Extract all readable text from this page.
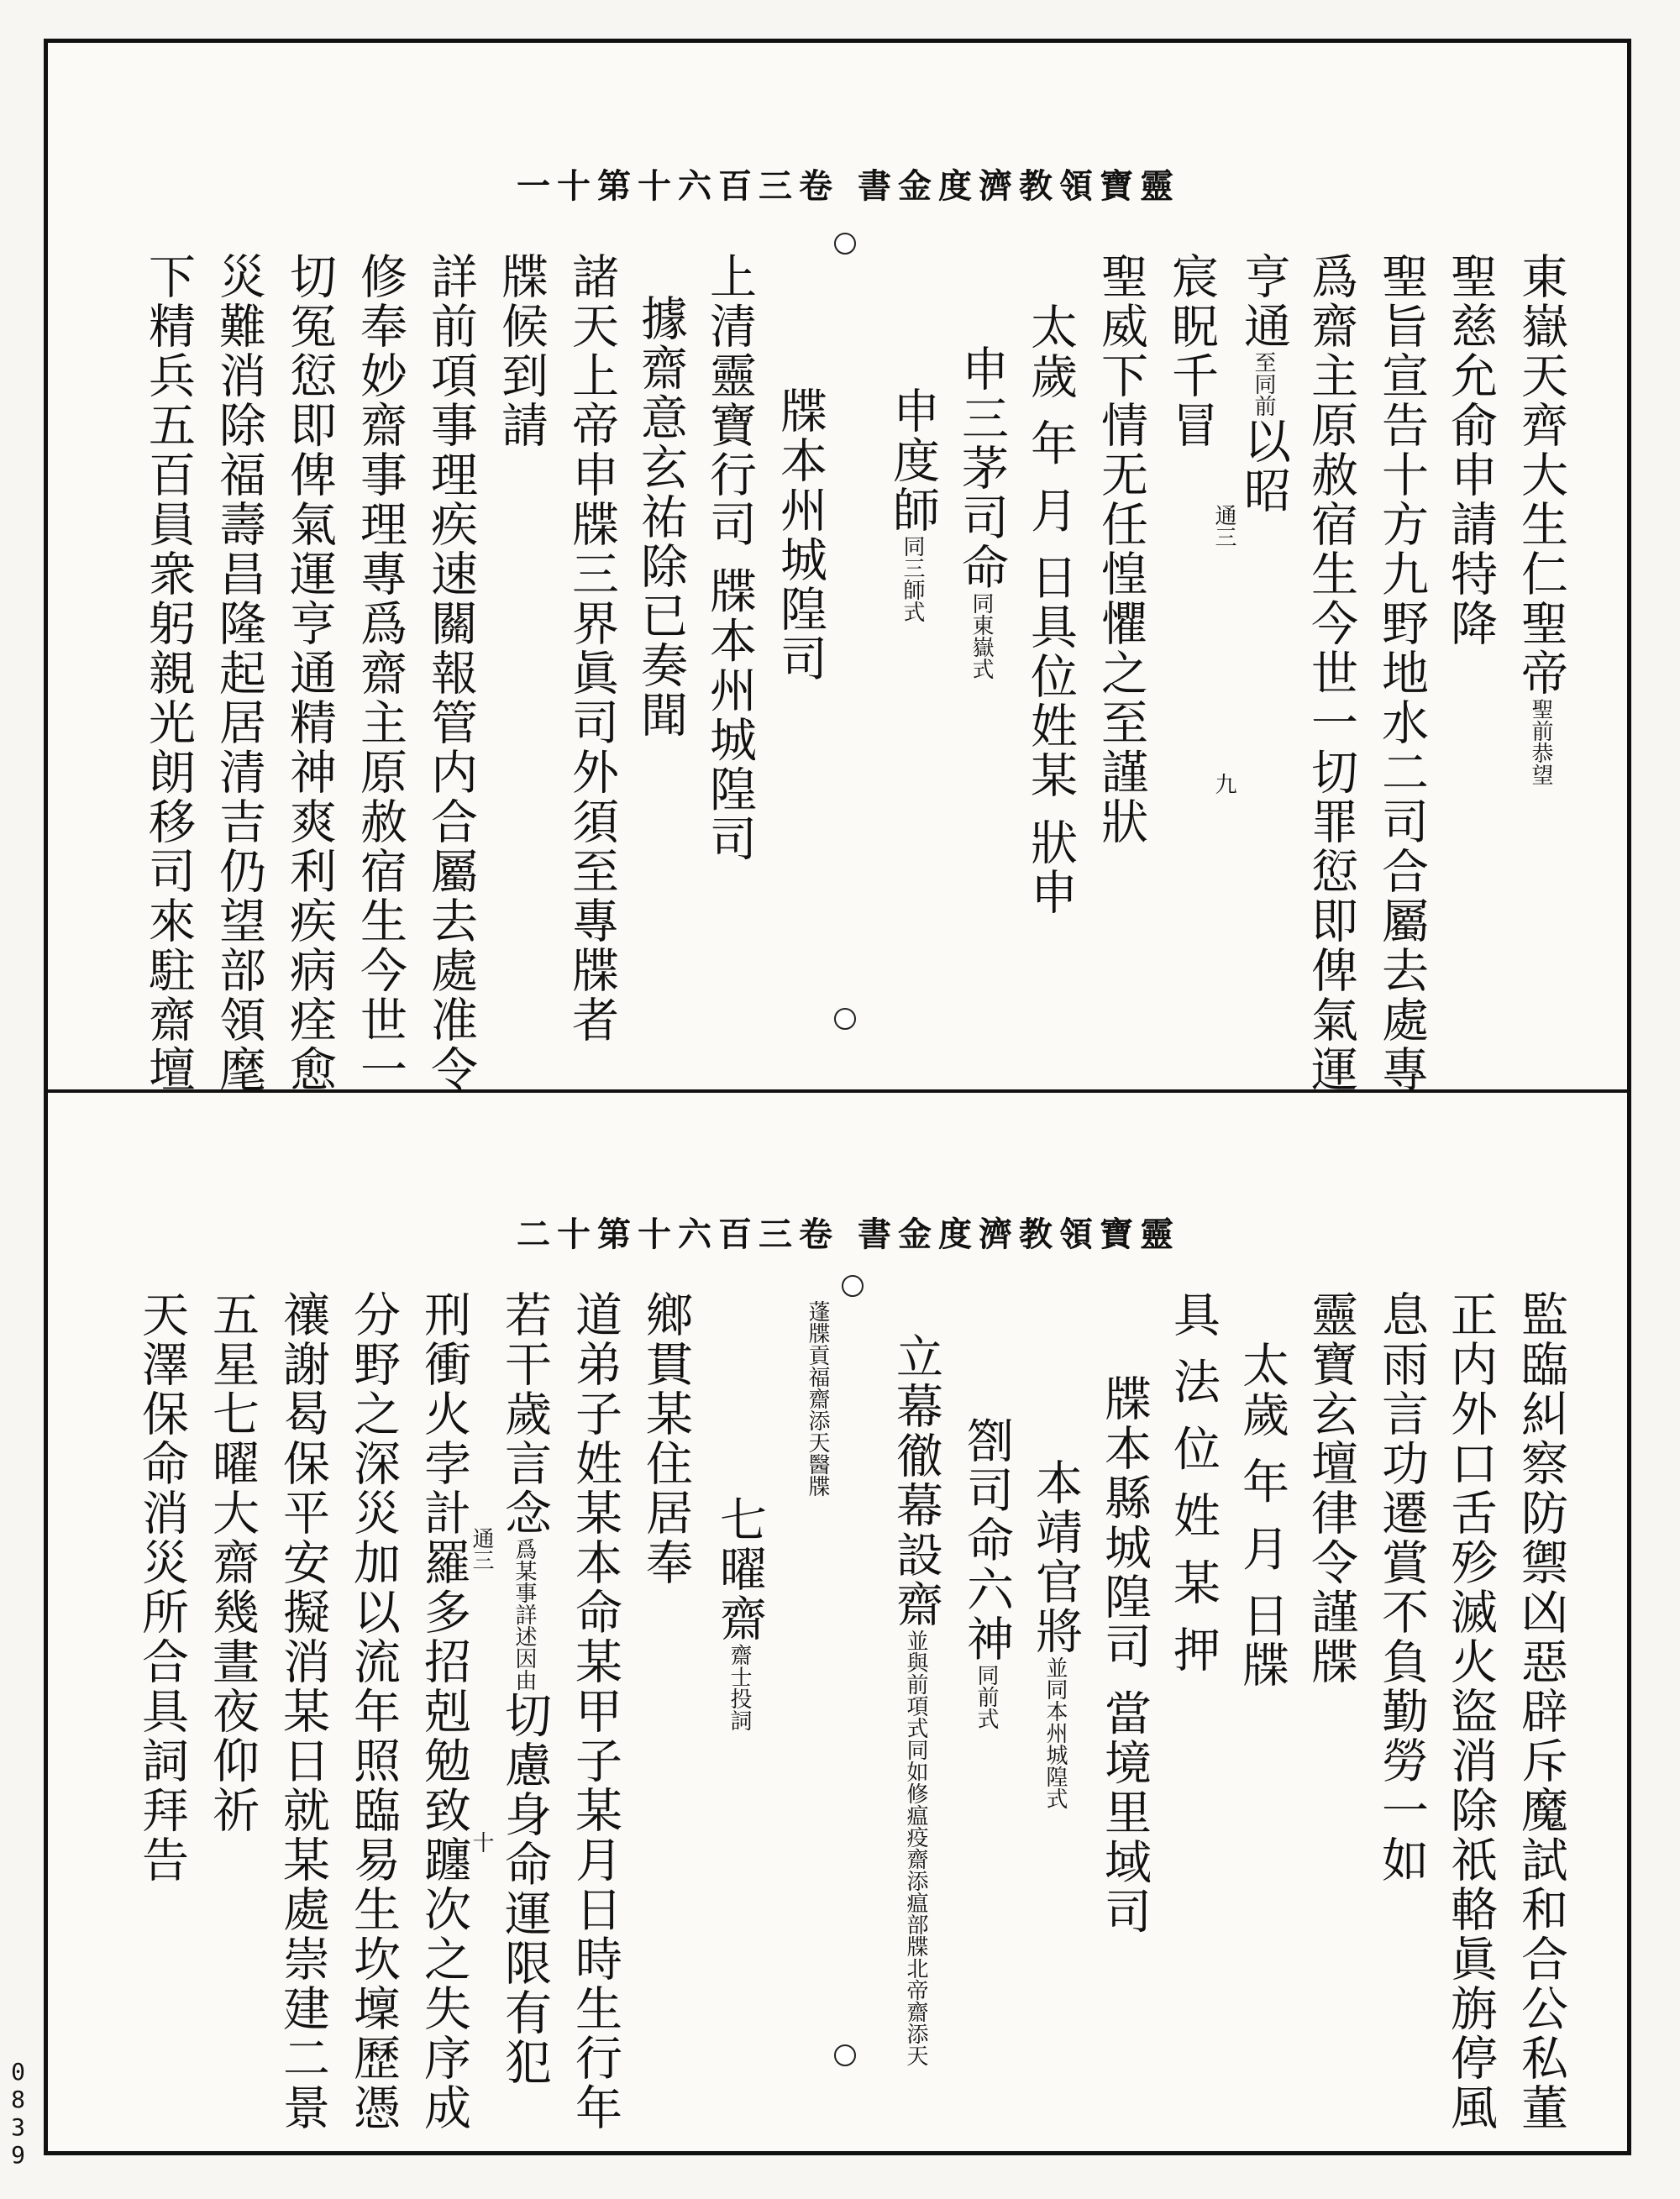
0839
靈寶領教濟度金書 卷三百六十第十一
東嶽天齊大生仁聖帝聖前恭望
聖慈允俞申請特降
聖旨宣告十方九野地水二司合屬去處專
爲齋主原赦宿生今世一切罪愆即俾氣運
亨通至同前以昭
通三
九
宸眖千冒
聖威下情无任惶懼之至謹狀
太歲 年 月 日具位姓某 狀申
申三茅司命同東嶽式
申度師同三師式
牒本州城隍司
上清靈寶行司 牒本州城隍司
據齋意玄祐除已奏聞
諸天上帝申牒三界眞司外須至專牒者
牒候到請
詳前項事理疾速關報管内合屬去處准令
修奉妙齋事理專爲齋主原赦宿生今世一
切冤愆即俾氣運亨通精神爽利疾病痊愈
災難消除福壽昌隆起居清吉仍望部領麾
下精兵五百員衆躬親光朗移司來駐齋壇
靈寶領教濟度金書 卷三百六十第十二
監臨糾察防禦凶惡辟斥魔試和合公私董
正内外口舌殄滅火盜消除祇輅眞旃停風
息雨言功遷賞不負勤勞一如
靈寶玄壇律令謹牒
太歲 年 月 日牒
具 法 位 姓 某 押
牒本縣城隍司 當境里域司
本靖官將並同本州城隍式
劄司命六神同前式
立幕徹幕設齋並與前項式同如修瘟疫齋添瘟部牒北帝齋添天
蓬牒貢福齋添天醫牒
七曜齋齋士投詞
鄉貫某住居奉
道弟子姓某本命某甲子某月日時生行年
若干歲言念爲某事詳述因由切慮身命運限有犯
通三
十
刑衝火孛計羅多招剋勉致躔次之失序成
分野之深災加以流年照臨易生坎壈歷憑
禳謝曷保平安擬消某日就某處崇建二景
五星七曜大齋幾晝夜仰祈
天澤保命消災所合具詞拜告
